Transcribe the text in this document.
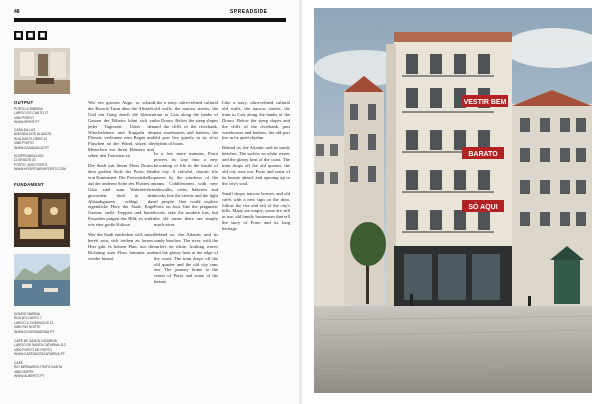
48	SPREADSIDE
◼ ◼ ◼
OUTPUT
PORTO & RIBEIRA
LARGO DO CANTO 17
4050 PORTO
WWW.SPIRIT.PT
CASA DA LUZ
AVENIDA DOS ALIADOS
RUA DAS FLORES 12
4050 PORTO
WWW.CASADALUZ.PT
HOSPEDARIA DOS
CLÉRIGOS 23
PORTO, 4050 PORTO
WWW.HOSPEDARIAPORTO.COM
FUNDAMENT
DOURO MARINA
RUA DO CANTO 7
LARGO S. DOMINGOS 13
4050 RIO NORTE
WWW.DOUROMARINA.PT
CAFÉ DE SANTA CATARINA
LARGO DE SANTA CATARINA 112
4000-PORTO DE PORTO
WWW.CAFESANTACATARINA.PT
CAFÉ
RIO BERNARDO PINTO SANTA
4050 NORTE
WWW.ALBERTO.PT

Wie ein grosses Auge, so schaut der Barock-Turm über die Altstadt. Und ein Gang durch die kleinen Gassen der Ribeira lohnt sich zu jeder Tageszeit. Unter den Wäscheleinen und Kuppeln der Fliesen, verbrannt vom Regen und Flaschen an der Wand, sitzen die Menschen vor ihren Häusern und sehen den Touristen zu.

Die Stadt mit ihrem Fluss Douro, dem großen Stolz der Porto, lebt von Kontrasten. Die Portweinkeller auf der anderen Seite des Flusses in Gaia sind zum Wahrzeichen geworden, doch in den Altstadtgassen schlägt das eigentliche Herz der Stadt. Enge Gassen, steile Treppen und bunte Fassaden prägen das Bild, es wirkt wie eine große Kulisse.

Wer die Stadt entdecken will, muss bereit sein, sich treiben zu lassen. Hier gibt es keinen Plan, nur die Richtung zum Fluss hinunter und wieder hinauf.

Like a story, ultra-refined cultural old walls, the narrow streets, the tram to Cais along the banks of the Douro. Below the steep slopes and the cliffs of the riverbank, past warehouses and barbers, the old port lies quietly in its slow rhythm of boats.

In a few more minutes, Porto powers its way into a new becoming of life in the bustle of the city. A colorful, chaotic life passes by the windows of the trams. Cobblestones with new sidewalks, cafes, bakeries and kiosks line the streets and the light of people. One could explore Porto on foot, like the pragmatic locals, take the modern bus, but the old trams there are simply much nicer.

Behind us, the Atlantic and its sandy beaches. The river, with the surfers on white, frothing waves and the glassy heat at the edge of the coast. The tram drops off the old quarter and the old city runs out. The journey home to the center of Porto and some of the beauty.

Like a story, ultra-refined cultural old walls, the narrow streets, the tram to Cais along the banks of the Douro. Below the steep slopes and the cliffs of the riverbank, past warehouses and barbers, the old port lies in its quiet rhythm.

Behind us, the Atlantic and its sandy beaches. The surfers on white waves and the glassy heat of the coast. The tram drops off the old quarter; the old city runs out. Porto and some of its beauty ahead, and opening up to the city's soul.

Small shops, narrow houses, and old cafés with a new sign on the door, follow the rise and fall of the city's hills. Many are empty, some are still in use, old family businesses that tell the story of Porto and its long heritage.

VESTIR BEM
BARATO
SÓ AQUI
